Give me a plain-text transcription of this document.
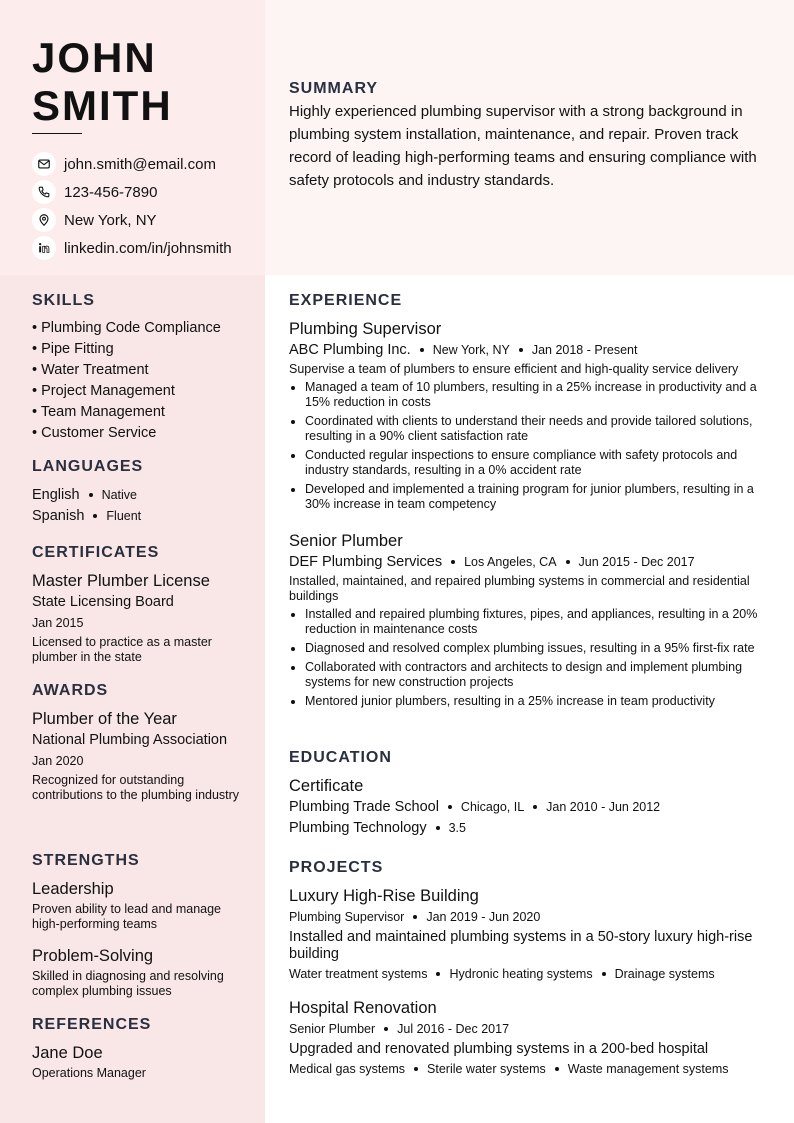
JOHN
SMITH
john.smith@email.com
123-456-7890
New York, NY
linkedin.com/in/johnsmith
SUMMARY

Highly experienced plumbing supervisor with a strong background in plumbing system installation, maintenance, and repair. Proven track record of leading high-performing teams and ensuring compliance with safety protocols and industry standards.

SKILLS
• Plumbing Code Compliance
• Pipe Fitting
• Water Treatment
• Project Management
• Team Management
• Customer Service
LANGUAGES
English Native
Spanish Fluent
CERTIFICATES
Master Plumber License
State Licensing Board
Jan 2015
Licensed to practice as a master plumber in the state
AWARDS
Plumber of the Year
National Plumbing Association
Jan 2020
Recognized for outstanding contributions to the plumbing industry
STRENGTHS
Leadership
Proven ability to lead and manage high-performing teams
Problem-Solving
Skilled in diagnosing and resolving complex plumbing issues
REFERENCES
Jane Doe
Operations Manager
EXPERIENCE
Plumbing Supervisor
ABC Plumbing Inc. New York, NY Jan 2018 - Present
Supervise a team of plumbers to ensure efficient and high-quality service delivery
Managed a team of 10 plumbers, resulting in a 25% increase in productivity and a 15% reduction in costs
Coordinated with clients to understand their needs and provide tailored solutions, resulting in a 90% client satisfaction rate
Conducted regular inspections to ensure compliance with safety protocols and industry standards, resulting in a 0% accident rate
Developed and implemented a training program for junior plumbers, resulting in a 30% increase in team competency
Senior Plumber
DEF Plumbing Services Los Angeles, CA Jun 2015 - Dec 2017
Installed, maintained, and repaired plumbing systems in commercial and residential buildings
Installed and repaired plumbing fixtures, pipes, and appliances, resulting in a 20% reduction in maintenance costs
Diagnosed and resolved complex plumbing issues, resulting in a 95% first-fix rate
Collaborated with contractors and architects to design and implement plumbing systems for new construction projects
Mentored junior plumbers, resulting in a 25% increase in team productivity
EDUCATION
Certificate
Plumbing Trade School Chicago, IL Jan 2010 - Jun 2012
Plumbing Technology 3.5
PROJECTS
Luxury High-Rise Building
Plumbing Supervisor Jan 2019 - Jun 2020
Installed and maintained plumbing systems in a 50-story luxury high-rise building
Water treatment systems Hydronic heating systems Drainage systems
Hospital Renovation
Senior Plumber Jul 2016 - Dec 2017
Upgraded and renovated plumbing systems in a 200-bed hospital
Medical gas systems Sterile water systems Waste management systems
